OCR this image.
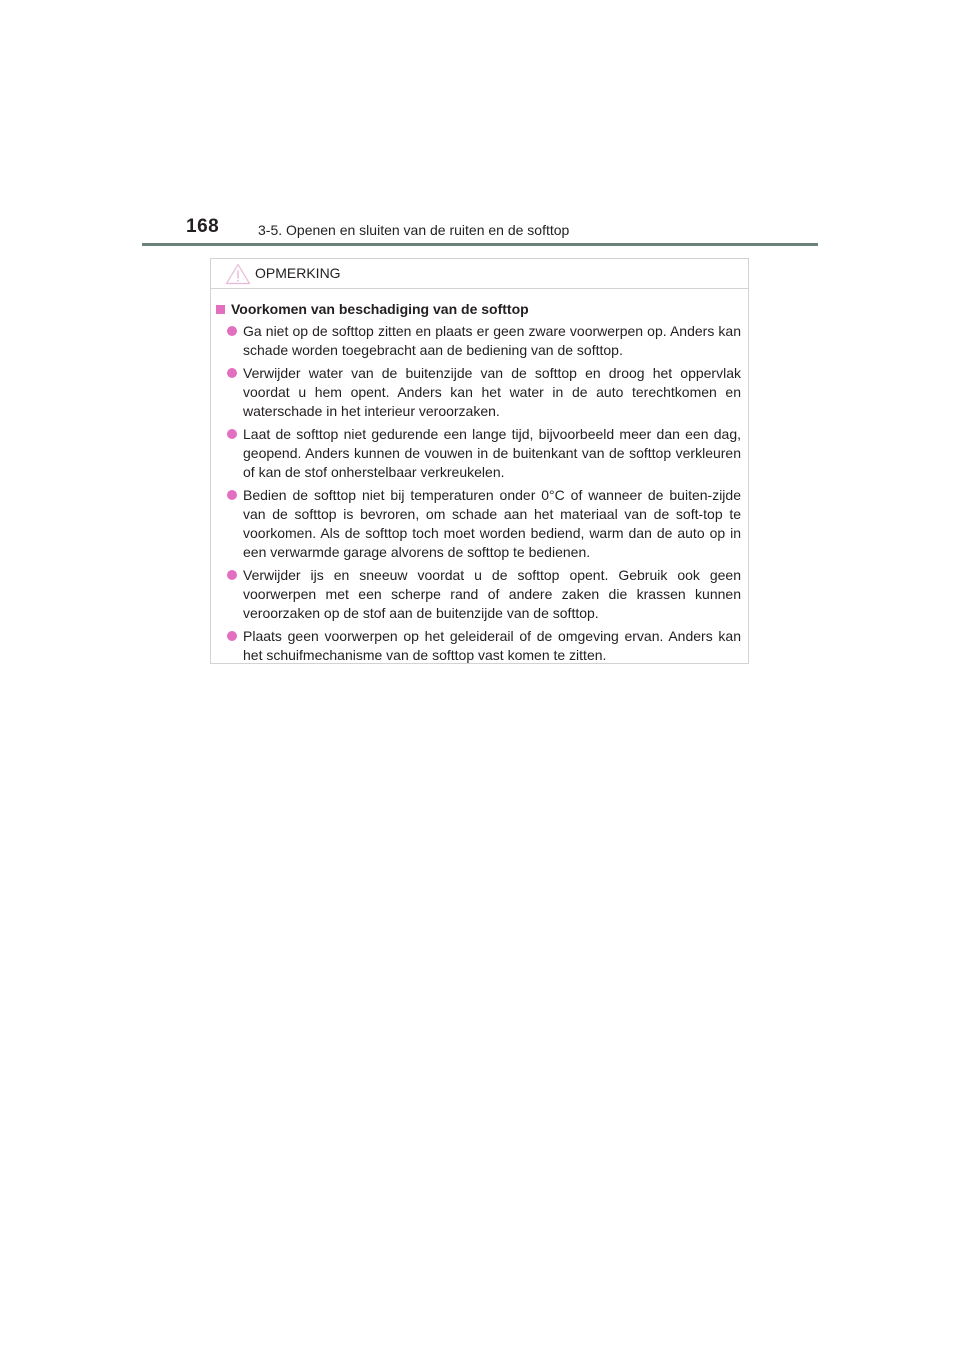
168	3-5. Openen en sluiten van de ruiten en de softtop
OPMERKING
Voorkomen van beschadiging van de softtop
Ga niet op de softtop zitten en plaats er geen zware voorwerpen op. Anders kan schade worden toegebracht aan de bediening van de softtop.
Verwijder water van de buitenzijde van de softtop en droog het oppervlak voordat u hem opent. Anders kan het water in de auto terechtkomen en waterschade in het interieur veroorzaken.
Laat de softtop niet gedurende een lange tijd, bijvoorbeeld meer dan een dag, geopend. Anders kunnen de vouwen in de buitenkant van de softtop verkleuren of kan de stof onherstelbaar verkreukelen.
Bedien de softtop niet bij temperaturen onder 0°C of wanneer de buiten-zijde van de softtop is bevroren, om schade aan het materiaal van de soft-top te voorkomen. Als de softtop toch moet worden bediend, warm dan de auto op in een verwarmde garage alvorens de softtop te bedienen.
Verwijder ijs en sneeuw voordat u de softtop opent. Gebruik ook geen voorwerpen met een scherpe rand of andere zaken die krassen kunnen veroorzaken op de stof aan de buitenzijde van de softtop.
Plaats geen voorwerpen op het geleiderail of de omgeving ervan. Anders kan het schuifmechanisme van de softtop vast komen te zitten.
